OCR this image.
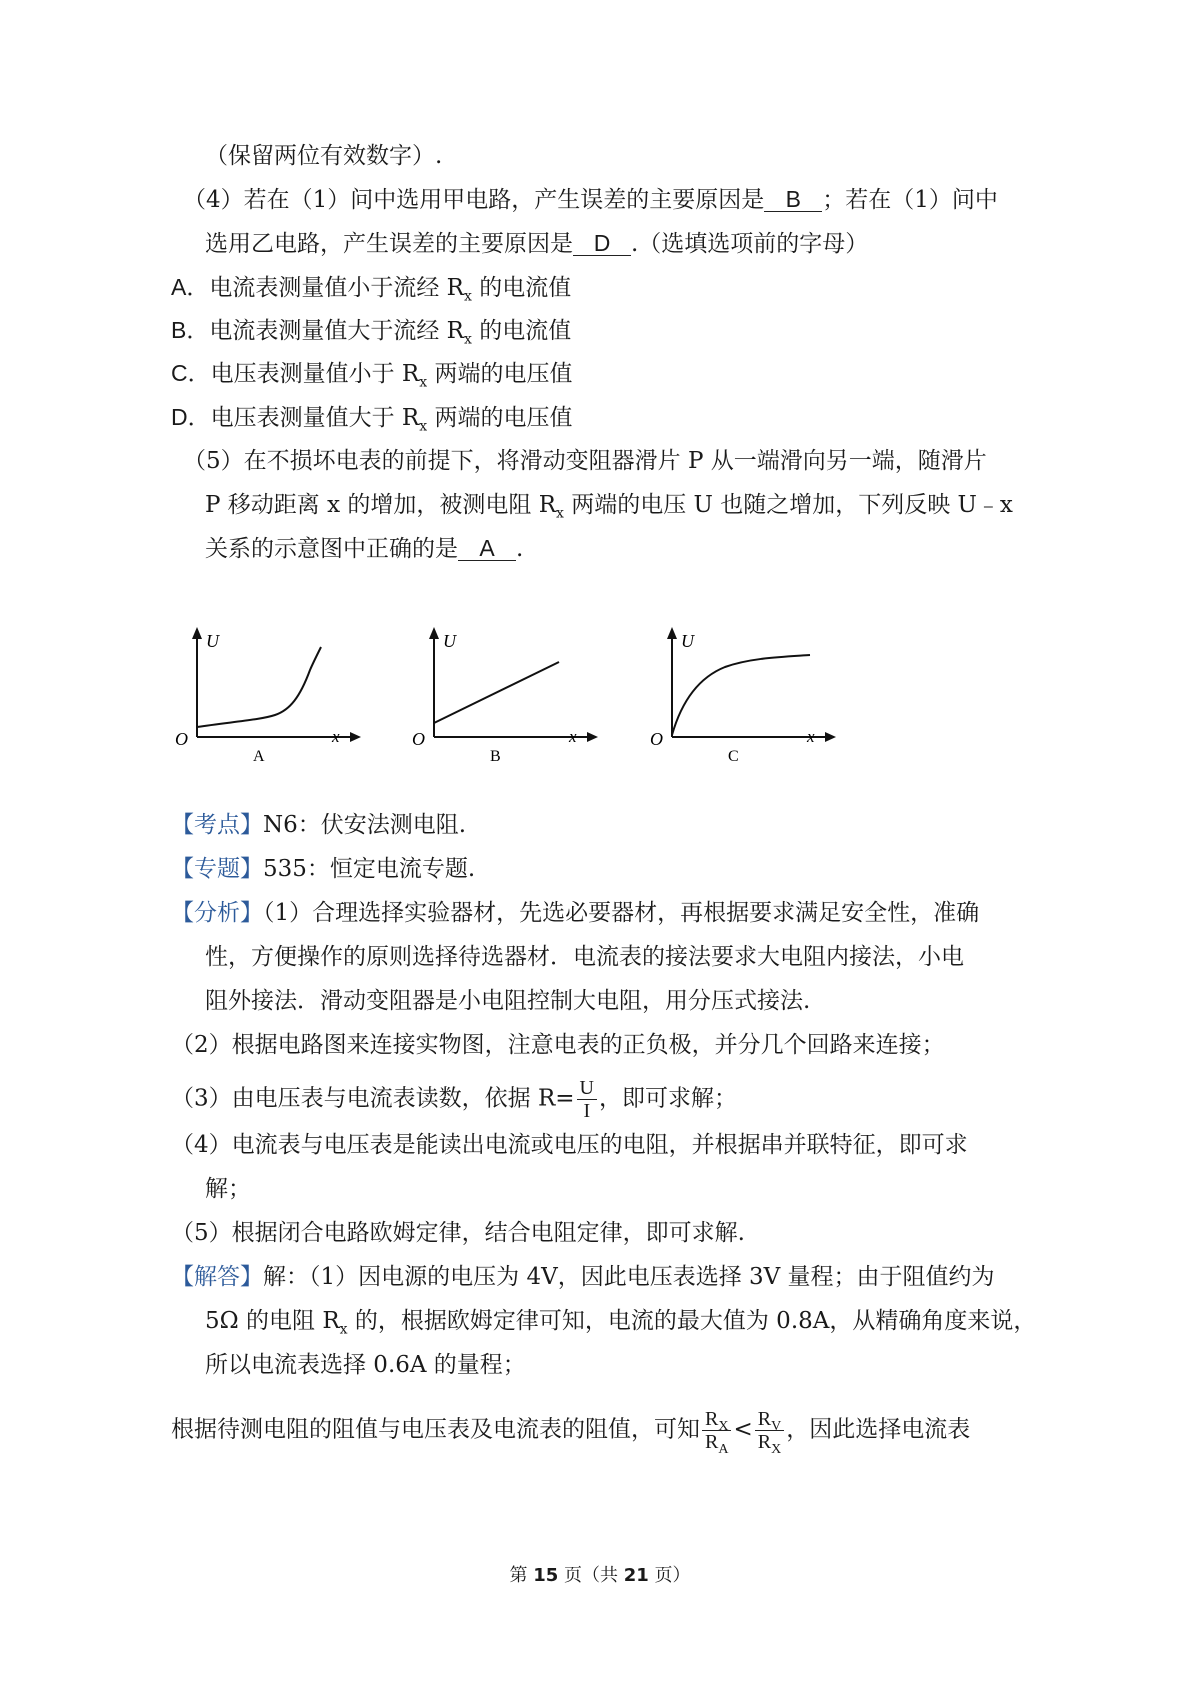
（保留两位有效数字）.
（4）若在（1）问中选用甲电路，产生误差的主要原因是 B ；若在（1）问中
选用乙电路，产生误差的主要原因是 D .（选填选项前的字母）
A．电流表测量值小于流经 $R_x$ 的电流值
B．电流表测量值大于流经 $R_x$ 的电流值
C．电压表测量值小于 $R_x$ 两端的电压值
D．电压表测量值大于 $R_x$ 两端的电压值
（5）在不损坏电表的前提下，将滑动变阻器滑片 P 从一端滑向另一端，随滑片
P 移动距离 x 的增加，被测电阻 $R_x$ 两端的电压 U 也随之增加，下列反映 U﹣x
关系的示意图中正确的是 A .
U
x
O
A
U
x
O
B
U
x
O
C
【考点】N6：伏安法测电阻.
【专题】535：恒定电流专题.
【分析】（1）合理选择实验器材，先选必要器材，再根据要求满足安全性，准确
性，方便操作的原则选择待选器材．电流表的接法要求大电阻内接法，小电
阻外接法．滑动变阻器是小电阻控制大电阻，用分压式接法.
（2）根据电路图来连接实物图，注意电表的正负极，并分几个回路来连接；
（3）由电压表与电流表读数，依据 $R= \frac{U}{I}$ ，即可求解；
（4）电流表与电压表是能读出电流或电压的电阻，并根据串并联特征，即可求
解；
（5）根据闭合电路欧姆定律，结合电阻定律，即可求解.
【解答】解：（1）因电源的电压为 4V，因此电压表选择 3V 量程；由于阻值约为
5Ω 的电阻 $R_x$ 的，根据欧姆定律可知，电流的最大值为 0.8A，从精确角度来说，
所以电流表选择 0.6A 的量程；
根据待测电阻的阻值与电压表及电流表的阻值，可知 $\frac{R_X}{R_A} < \frac{R_V}{R_X}$ ，因此选择电流表
第 15 页（共 21 页）
